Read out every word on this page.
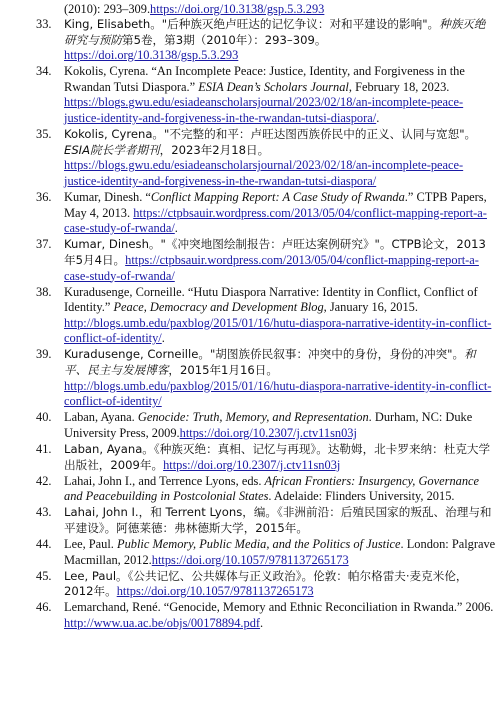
(2010): 293–309.https://doi.org/10.3138/gsp.5.3.293
33. King, Elisabeth。"后种族灭绝卢旺达的记忆争议：对和平建设的影响"。种族灭绝研究与预防第5卷，第3期（2010年）：293–309。https://doi.org/10.3138/gsp.5.3.293
34. Kokolis, Cyrena. “An Incomplete Peace: Justice, Identity, and Forgiveness in the Rwandan Tutsi Diaspora.” ESIA Dean’s Scholars Journal, February 18, 2023. https://blogs.gwu.edu/esiadeanscholarsjournal/2023/02/18/an-incomplete-peace-justice-identity-and-forgiveness-in-the-rwandan-tutsi-diaspora/.
35. Kokolis, Cyrena。"不完整的和平：卢旺达图西族侨民中的正义、认同与宽恕"。ESIA院长学者期刊，2023年2月18日。
https://blogs.gwu.edu/esiadeanscholarsjournal/2023/02/18/an-incomplete-peace-justice-identity-and-forgiveness-in-the-rwandan-tutsi-diaspora/
36. Kumar, Dinesh. “Conflict Mapping Report: A Case Study of Rwanda.” CTPB Papers, May 4, 2013. https://ctpbsauir.wordpress.com/2013/05/04/conflict-mapping-report-a-case-study-of-rwanda/.
37. Kumar, Dinesh。"《冲突地图绘制报告：卢旺达案例研究》"。CTPB论文，2013年5月4日。https://ctpbsauir.wordpress.com/2013/05/04/conflict-mapping-report-a-case-study-of-rwanda/
38. Kuradusenge, Corneille. “Hutu Diaspora Narrative: Identity in Conflict, Conflict of Identity.” Peace, Democracy and Development Blog, January 16, 2015. http://blogs.umb.edu/paxblog/2015/01/16/hutu-diaspora-narrative-identity-in-conflict-conflict-of-identity/.
39. Kuradusenge, Corneille。"胡图族侨民叙事：冲突中的身份，身份的冲突"。和平、民主与发展博客，2015年1月16日。
http://blogs.umb.edu/paxblog/2015/01/16/hutu-diaspora-narrative-identity-in-conflict-conflict-of-identity/
40. Laban, Ayana. Genocide: Truth, Memory, and Representation. Durham, NC: Duke University Press, 2009.https://doi.org/10.2307/j.ctv11sn03j
41. Laban, Ayana。《种族灭绝：真相、记忆与再现》。达勒姆，北卡罗来纳：杜克大学出版社，2009年。https://doi.org/10.2307/j.ctv11sn03j
42. Lahai, John I., and Terrence Lyons, eds. African Frontiers: Insurgency, Governance and Peacebuilding in Postcolonial States. Adelaide: Flinders University, 2015.
43. Lahai, John I.，和 Terrent Lyons，编。《非洲前沿：后殖民国家的叛乱、治理与和平建设》。阿德莱德：弗林德斯大学，2015年。
44. Lee, Paul. Public Memory, Public Media, and the Politics of Justice. London: Palgrave Macmillan, 2012.https://doi.org/10.1057/9781137265173
45. Lee, Paul。《公共记忆、公共媒体与正义政治》。伦敦：帕尔格雷夫·麦克米伦，2012年。https://doi.org/10.1057/9781137265173
46. Lemarchand, René. “Genocide, Memory and Ethnic Reconciliation in Rwanda.” 2006. http://www.ua.ac.be/objs/00178894.pdf.
